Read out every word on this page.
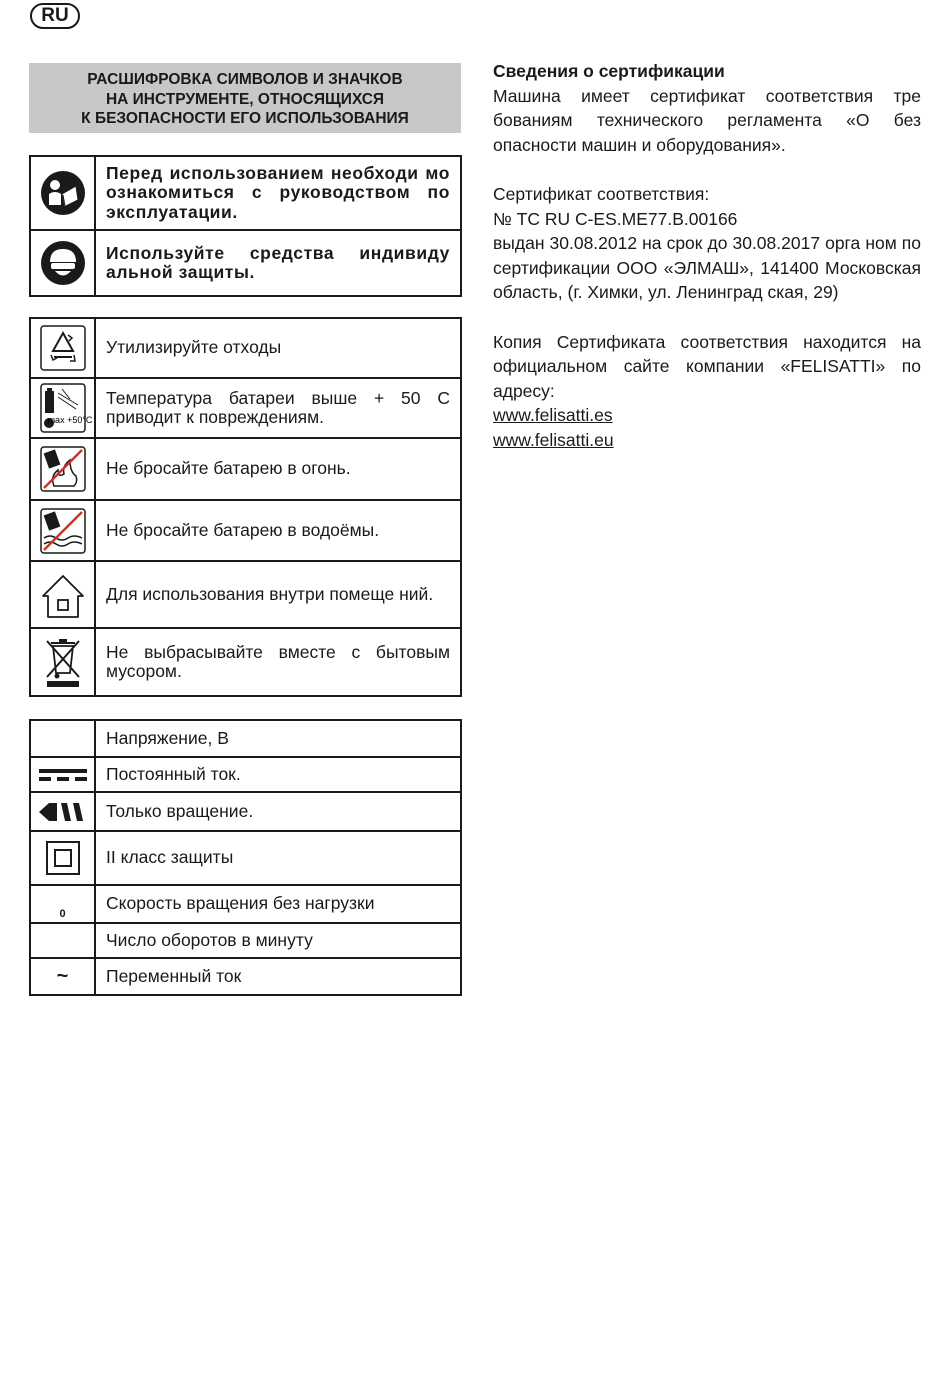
RU
РАСШИФРОВКА СИМВОЛОВ И ЗНАЧКОВ
НА ИНСТРУМЕНТЕ, ОТНОСЯЩИХСЯ
К БЕЗОПАСНОСТИ ЕГО ИСПОЛЬЗОВАНИЯ
	Перед использованием необходи мо ознакомиться с руководством по эксплуатации.

	Используйте средства индивиду альной защиты.
	Утилизируйте отходы

max +50°C	Температура батареи выше + 50 С приводит к повреждениям.

	Не бросайте батарею в огонь.

	Не бросайте батарею в водоёмы.

	Для использования внутри помеще ний.

	Не выбрасывайте вместе с бытовым мусором.
	Напряжение, В

	Постоянный ток.

	Только вращение.

	II класс защиты

0	Скорость вращения без нагрузки
	Число оборотов в минуту
~	Переменный ток

Сведения о сертификации

Машина имеет сертификат соответствия тре бованиям технического регламента «О без опасности машин и оборудования».

Сертификат соответствия:

№ ТС RU C-ES.ME77.B.00166

выдан 30.08.2012 на срок до 30.08.2017 орга ном по сертификации ООО «ЭЛМАШ», 141400 Московская область, (г. Химки, ул. Ленинград ская, 29)

Копия Сертификата соответствия находится на официальном сайте компании «FELISATTI» по адресу:

www.felisatti.es

www.felisatti.eu
